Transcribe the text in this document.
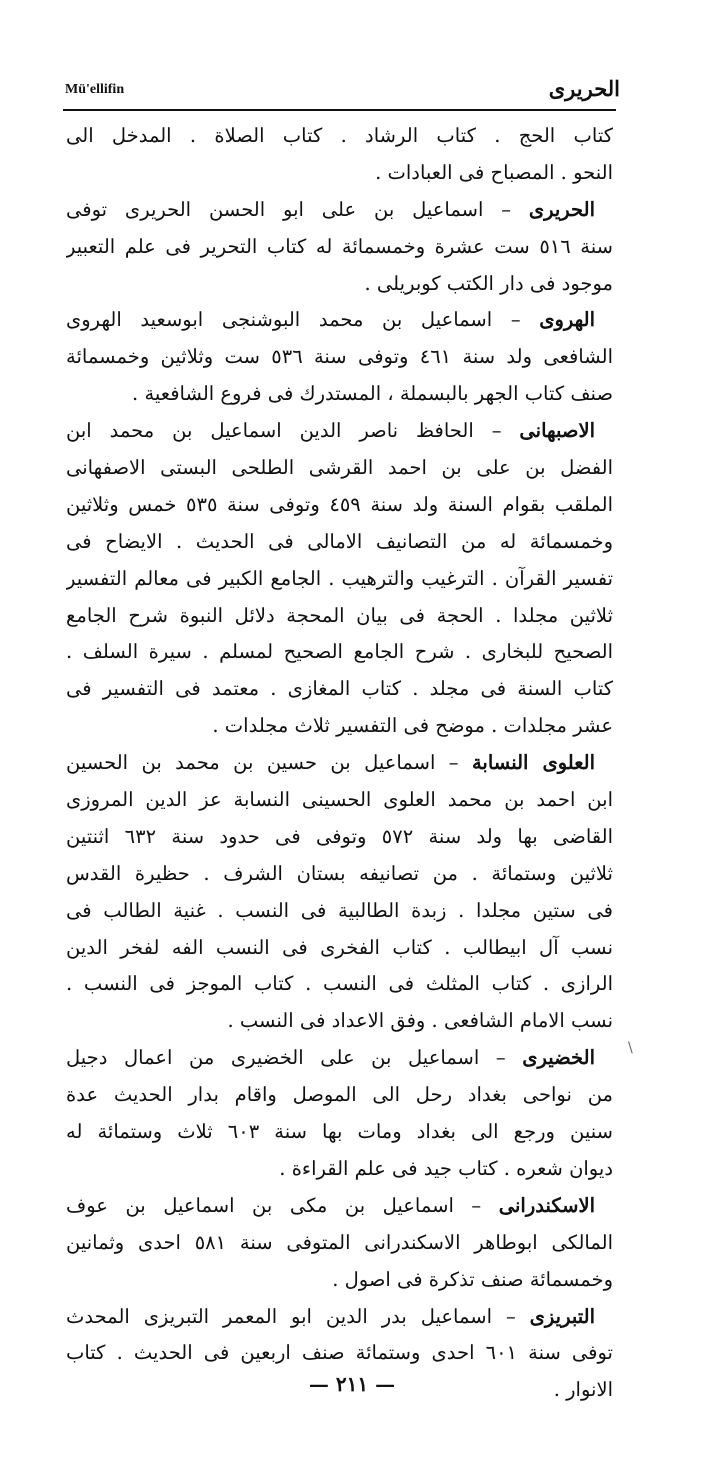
Mü'ellifin	الحريرى
\
كتاب الحج . كتاب الرشاد . كتاب الصلاة . المدخل الى
النحو . المصباح فى العبادات .
الحريرى – اسماعيل بن على ابو الحسن الحريرى توفى
سنة ٥١٦ ست عشرة وخمسمائة له كتاب التحرير فى علم التعبير
موجود فى دار الكتب كوبريلى .
الهروى – اسماعيل بن محمد البوشنجى ابوسعيد الهروى
الشافعى ولد سنة ٤٦١ وتوفى سنة ٥٣٦ ست وثلاثين وخمسمائة
صنف كتاب الجهر بالبسملة ، المستدرك فى فروع الشافعية .
الاصبهانى – الحافظ ناصر الدين اسماعيل بن محمد ابن
الفضل بن على بن احمد القرشى الطلحى البستى الاصفهانى
الملقب بقوام السنة ولد سنة ٤٥٩ وتوفى سنة ٥٣٥ خمس وثلاثين
وخمسمائة له من التصانيف الامالى فى الحديث . الايضاح فى
تفسير القرآن . الترغيب والترهيب . الجامع الكبير فى معالم التفسير
ثلاثين مجلدا . الحجة فى بيان المحجة دلائل النبوة شرح الجامع
الصحيح للبخارى . شرح الجامع الصحيح لمسلم . سيرة السلف .
كتاب السنة فى مجلد . كتاب المغازى . معتمد فى التفسير فى
عشر مجلدات . موضح فى التفسير ثلاث مجلدات .
العلوى النسابة – اسماعيل بن حسين بن محمد بن الحسين
ابن احمد بن محمد العلوى الحسينى النسابة عز الدين المروزى
القاضى بها ولد سنة ٥٧٢ وتوفى فى حدود سنة ٦٣٢ اثنتين
ثلاثين وستمائة . من تصانيفه بستان الشرف . حظيرة القدس
فى ستين مجلدا . زبدة الطالبية فى النسب . غنية الطالب فى
نسب آل ابيطالب . كتاب الفخرى فى النسب الفه لفخر الدين
الرازى . كتاب المثلث فى النسب . كتاب الموجز فى النسب .
نسب الامام الشافعى . وفق الاعداد فى النسب .
الخضيرى – اسماعيل بن على الخضيرى من اعمال دجيل
من نواحى بغداد رحل الى الموصل واقام بدار الحديث عدة
سنين ورجع الى بغداد ومات بها سنة ٦٠٣ ثلاث وستمائة له
ديوان شعره . كتاب جيد فى علم القراءة .
الاسكندرانى – اسماعيل بن مكى بن اسماعيل بن عوف
المالكى ابوطاهر الاسكندرانى المتوفى سنة ٥٨١ احدى وثمانين
وخمسمائة صنف تذكرة فى اصول .
التبريزى – اسماعيل بدر الدين ابو المعمر التبريزى المحدث
توفى سنة ٦٠١ احدى وستمائة صنف اربعين فى الحديث . كتاب
الانوار .
— ٢١١ —
